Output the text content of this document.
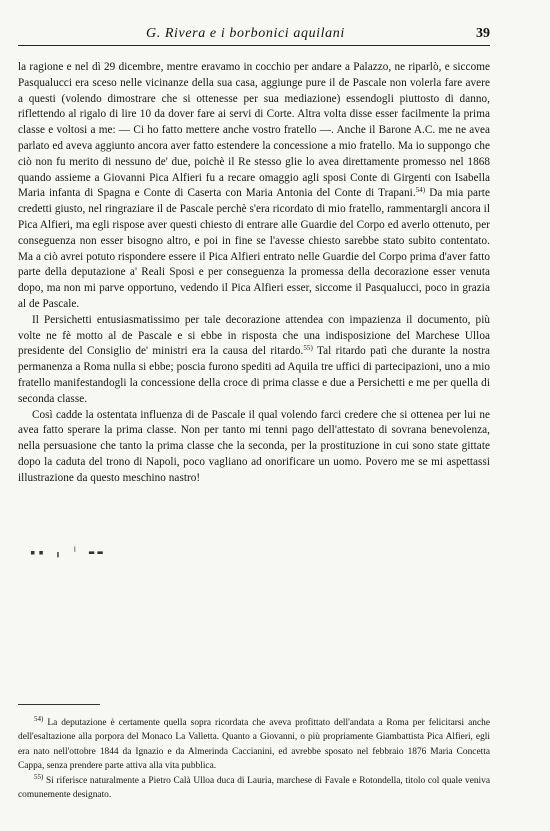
G. Rivera e i borbonici aquilani	39

la ragione e nel dì 29 dicembre, mentre eravamo in cocchio per andare a Palazzo, ne riparlò, e siccome Pasqualucci era sceso nelle vicinanze della sua casa, aggiunge pure il de Pascale non volerla fare avere a questi (volendo dimostrare che si ottenesse per sua mediazione) essendogli piuttosto di danno, riflettendo al rigalo di lire 10 da dover fare ai servi di Corte. Altra volta disse esser facilmente la prima classe e voltosi a me: — Ci ho fatto mettere anche vostro fratello —. Anche il Barone A.C. me ne avea parlato ed aveva aggiunto ancora aver fatto estendere la concessione a mio fratello. Ma io suppongo che ciò non fu merito di nessuno de' due, poichè il Re stesso glie lo avea direttamente promesso nel 1868 quando assieme a Giovanni Pica Alfieri fu a recare omaggio agli sposi Conte di Girgenti con Isabella Maria infanta di Spagna e Conte di Caserta con Maria Antonia del Conte di Trapani.$^{54)}$ Da mia parte credetti giusto, nel ringraziare il de Pascale perchè s'era ricordato di mio fratello, rammentargli ancora il Pica Alfieri, ma egli rispose aver questi chiesto di entrare alle Guardie del Corpo ed averlo ottenuto, per conseguenza non esser bisogno altro, e poi in fine se l'avesse chiesto sarebbe stato subito contentato. Ma a ciò avrei potuto rispondere essere il Pica Alfieri entrato nelle Guardie del Corpo prima d'aver fatto parte della deputazione a' Reali Sposi e per conseguenza la promessa della decorazione esser venuta dopo, ma non mi parve opportuno, vedendo il Pica Alfieri esser, siccome il Pasqualucci, poco in grazia al de Pascale.

Il Persichetti entusiasmatissimo per tale decorazione attendea con impazienza il documento, più volte ne fè motto al de Pascale e si ebbe in risposta che una indisposizione del Marchese Ulloa presidente del Consiglio de' ministri era la causa del ritardo.$^{55)}$ Tal ritardo patì che durante la nostra permanenza a Roma nulla si ebbe; poscia furono spediti ad Aquila tre uffici di partecipazioni, uno a mio fratello manifestandogli la concessione della croce di prima classe e due a Persichetti e me per quella di seconda classe.

Così cadde la ostentata influenza di de Pascale il qual volendo farci credere che si ottenea per lui ne avea fatto sperare la prima classe. Non per tanto mi tenni pago dell'attestato di sovrana benevolenza, nella persuasione che tanto la prima classe che la seconda, per la prostituzione in cui sono state gittate dopo la caduta del trono di Napoli, poco vagliano ad onorificare un uomo. Povero me se mi aspettassi illustrazione da questo meschino nastro!

▪▪ ╻ ╵ ▬▬

$^{54)}$ La deputazione è certamente quella sopra ricordata che aveva profittato dell'andata a Roma per felicitarsi anche dell'esaltazione alla porpora del Monaco La Valletta. Quanto a Giovanni, o più propriamente Giambattista Pica Alfieri, egli era nato nell'ottobre 1844 da Ignazio e da Almerinda Caccianini, ed avrebbe sposato nel febbraio 1876 Maria Concetta Cappa, senza prendere parte attiva alla vita pubblica.

$^{55)}$ Si riferisce naturalmente a Pietro Calà Ulloa duca di Lauria, marchese di Favale e Rotondella, titolo col quale veniva comunemente designato.
